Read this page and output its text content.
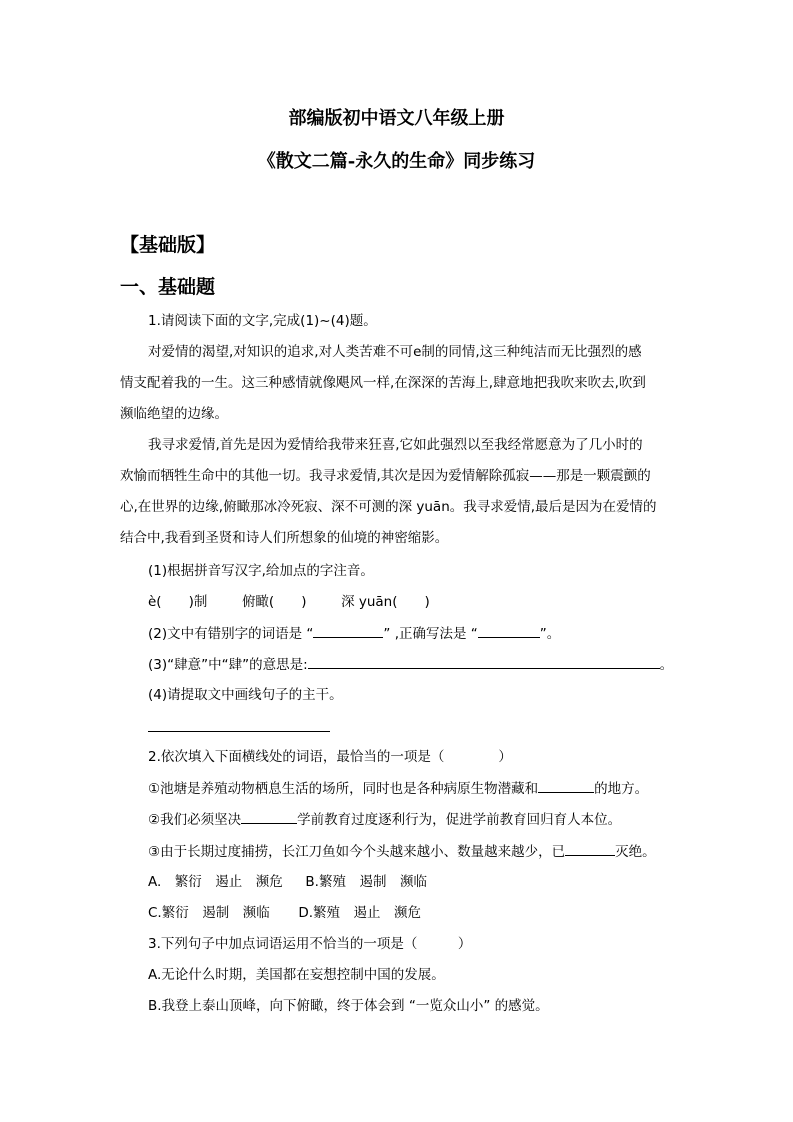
部编版初中语文八年级上册
《散文二篇-永久的生命》同步练习
【基础版】
一、基础题
1.请阅读下面的文字,完成(1)~(4)题。
对爱情的渴望,对知识的追求,对人类苦难不可e制的同情,这三种纯洁而无比强烈的感
情支配着我的一生。这三种感情就像飓风一样,在深深的苦海上,肆意地把我吹来吹去,吹到
濒临绝望的边缘。
我寻求爱情,首先是因为爱情给我带来狂喜,它如此强烈以至我经常愿意为了几小时的
欢愉而牺牲生命中的其他一切。我寻求爱情,其次是因为爱情解除孤寂——那是一颗震颤的
心,在世界的边缘,俯瞰那冰冷死寂、深不可测的深 yuān。我寻求爱情,最后是因为在爱情的
结合中,我看到圣贤和诗人们所想象的仙境的神密缩影。
(1)根据拼音写汉字,给加点的字注音。
è(　　)制	俯瞰(　　)	深 yuān(　　)
(2)文中有错别字的词语是 “	” ,正确写法是 “	”。
(3)“肆意”中“肆”的意思是:	。
(4)请提取文中画线句子的主干。
2.依次填入下面横线处的词语，最恰当的一项是（　　　　）
①池塘是养殖动物栖息生活的场所，同时也是各种病原生物潜藏和	的地方。
②我们必须坚决	学前教育过度逐利行为，促进学前教育回归育人本位。
③由于长期过度捕捞，长江刀鱼如今个头越来越小、数量越来越少，已	灭绝。
A.　繁衍　遏止　濒危 B.繁殖　遏制　濒临
C.繁衍　遏制　濒临 D.繁殖　遏止　濒危
3.下列句子中加点词语运用不恰当的一项是（　　　）
A.无论什么时期，美国都在妄想控制中国的发展。
B.我登上泰山顶峰，向下俯瞰，终于体会到 “一览众山小” 的感觉。
